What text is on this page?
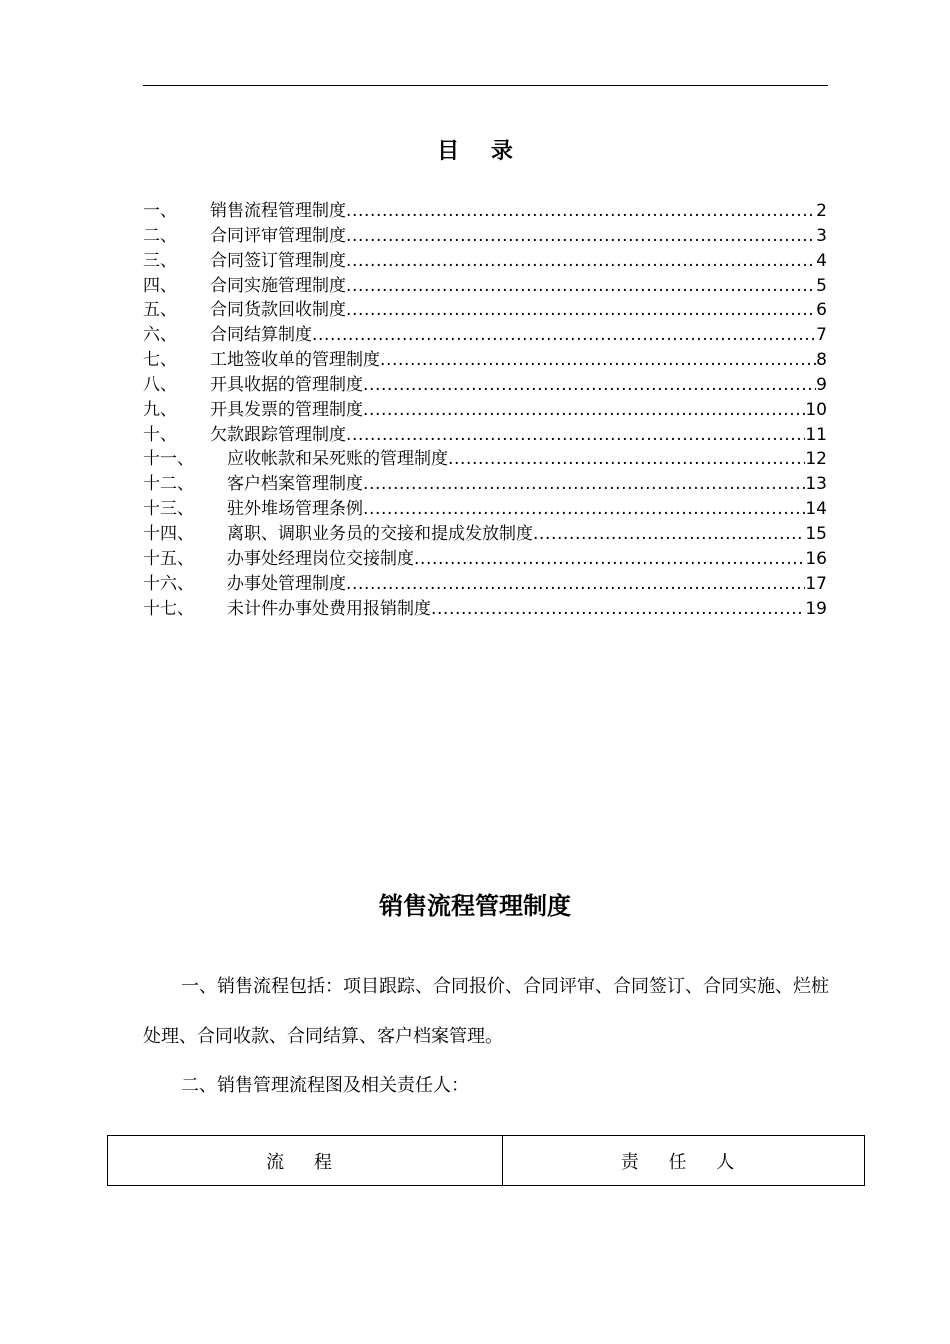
目 录
一、	销售流程管理制度 .....	2
二、	合同评审管理制度 .....	3
三、	合同签订管理制度 .....	4
四、	合同实施管理制度 .....	5
五、	合同货款回收制度 .....	6
六、	合同结算制度 .....	7
七、	工地签收单的管理制度 .....	8
八、	开具收据的管理制度 .....	9
九、	开具发票的管理制度 .....	10
十、	欠款跟踪管理制度 .....	11
十一、	应收帐款和呆死账的管理制度 .....	12
十二、	客户档案管理制度 .....	13
十三、	驻外堆场管理条例 .....	14
十四、	离职、调职业务员的交接和提成发放制度 .....	15
十五、	办事处经理岗位交接制度 .....	16
十六、	办事处管理制度 .....	17
十七、	未计件办事处费用报销制度 .....	19
销售流程管理制度
一、销售流程包括：项目跟踪、合同报价、合同评审、合同签订、合同实施、烂桩
处理、合同收款、合同结算、客户档案管理。
二、销售管理流程图及相关责任人：
流 程	责 任 人
